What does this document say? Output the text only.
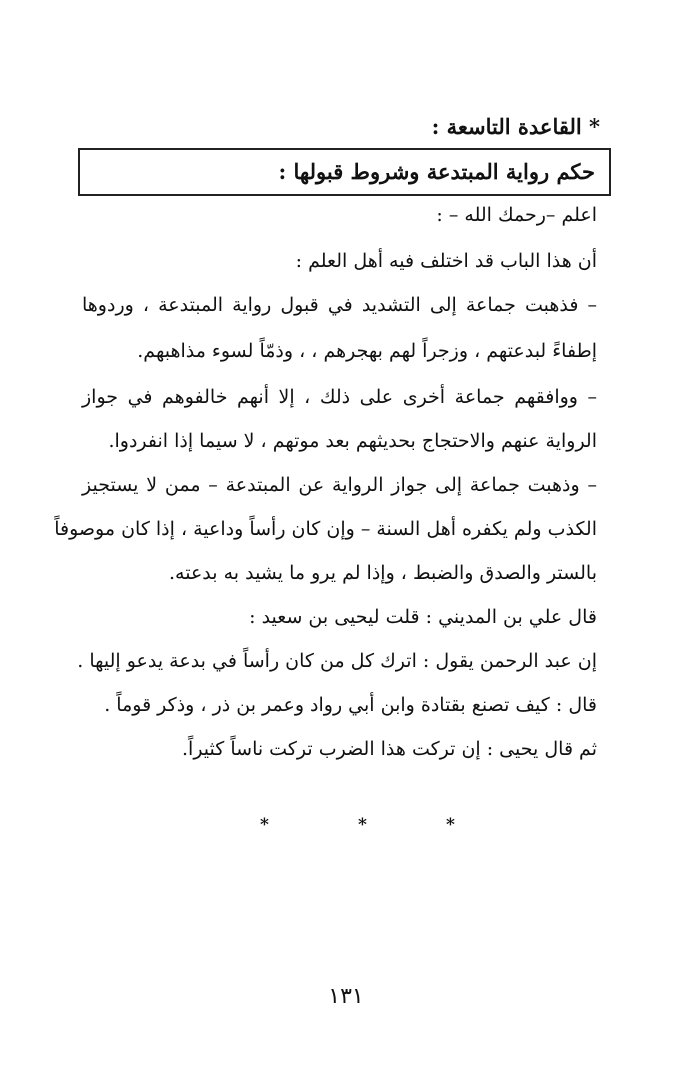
* القاعدة التاسعة :
حكم رواية المبتدعة وشروط قبولها :
اعلم –رحمك الله – :
أن هذا الباب قد اختلف فيه أهل العلم :
– فذهبت جماعة إلى التشديد في قبول رواية المبتدعة ، وردوها
إطفاءً لبدعتهم ، وزجراً لهم بهجرهم ، ، وذمّاً لسوء مذاهبهم.
– ووافقهم جماعة أخرى على ذلك ، إلا أنهم خالفوهم في جواز
الرواية عنهم والاحتجاج بحديثهم بعد موتهم ، لا سيما إذا انفردوا.
– وذهبت جماعة إلى جواز الرواية عن المبتدعة – ممن لا يستجيز
الكذب ولم يكفره أهل السنة – وإن كان رأساً وداعية ، إذا كان موصوفاً
بالستر والصدق والضبط ، وإذا لم يرو ما يشيد به بدعته.
قال علي بن المديني : قلت ليحيى بن سعيد :
إن عبد الرحمن يقول : اترك كل من كان رأساً في بدعة يدعو إليها .
قال : كيف تصنع بقتادة وابن أبي رواد وعمر بن ذر ، وذكر قوماً .
ثم قال يحيى : إن تركت هذا الضرب تركت ناساً كثيراً.
*	*	*
١٣١
